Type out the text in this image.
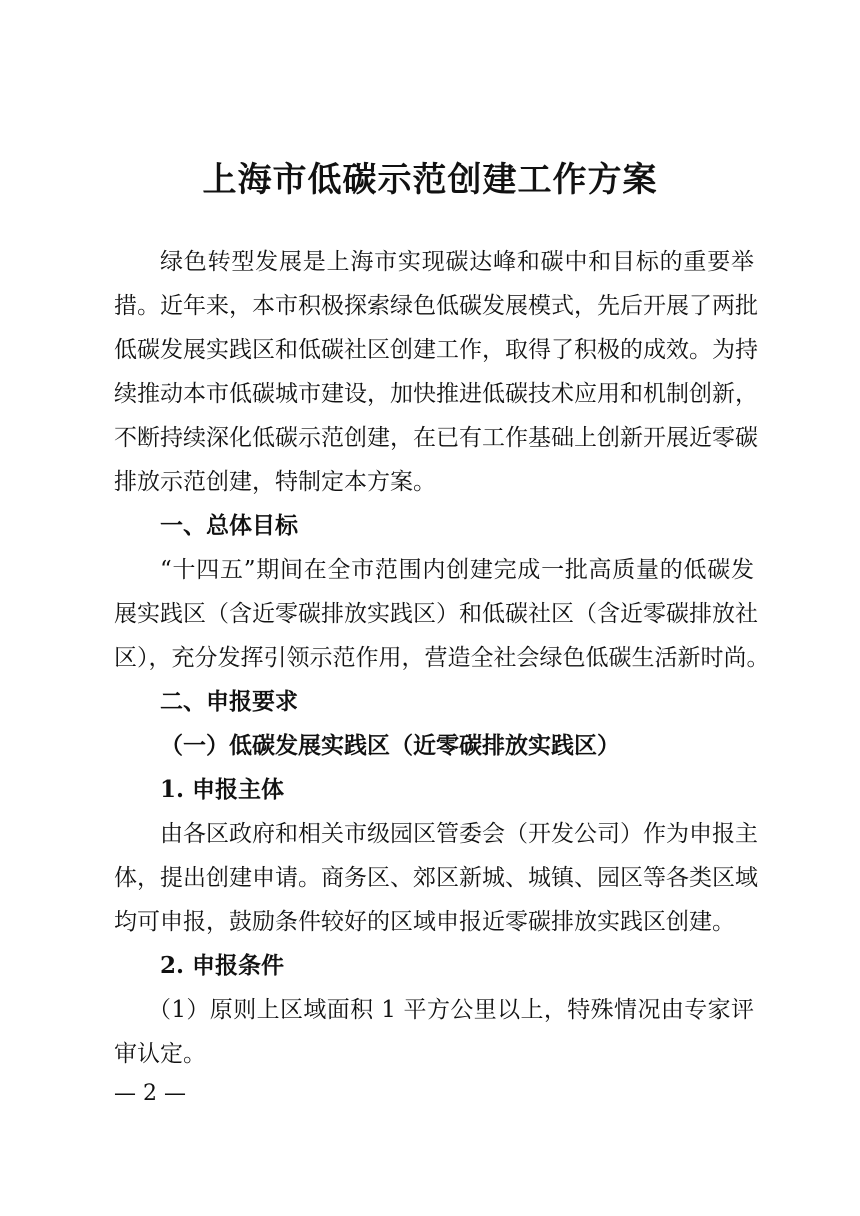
上海市低碳示范创建工作方案
绿色转型发展是上海市实现碳达峰和碳中和目标的重要举
措。近年来，本市积极探索绿色低碳发展模式，先后开展了两批
低碳发展实践区和低碳社区创建工作，取得了积极的成效。为持
续推动本市低碳城市建设，加快推进低碳技术应用和机制创新，
不断持续深化低碳示范创建，在已有工作基础上创新开展近零碳
排放示范创建，特制定本方案。
一、总体目标
“十四五”期间在全市范围内创建完成一批高质量的低碳发
展实践区（含近零碳排放实践区）和低碳社区（含近零碳排放社
区），充分发挥引领示范作用，营造全社会绿色低碳生活新时尚。
二、申报要求
（一）低碳发展实践区（近零碳排放实践区）
1. 申报主体
由各区政府和相关市级园区管委会（开发公司）作为申报主
体，提出创建申请。商务区、郊区新城、城镇、园区等各类区域
均可申报，鼓励条件较好的区域申报近零碳排放实践区创建。
2. 申报条件
（1）原则上区域面积 1 平方公里以上，特殊情况由专家评
审认定。
— 2 —
